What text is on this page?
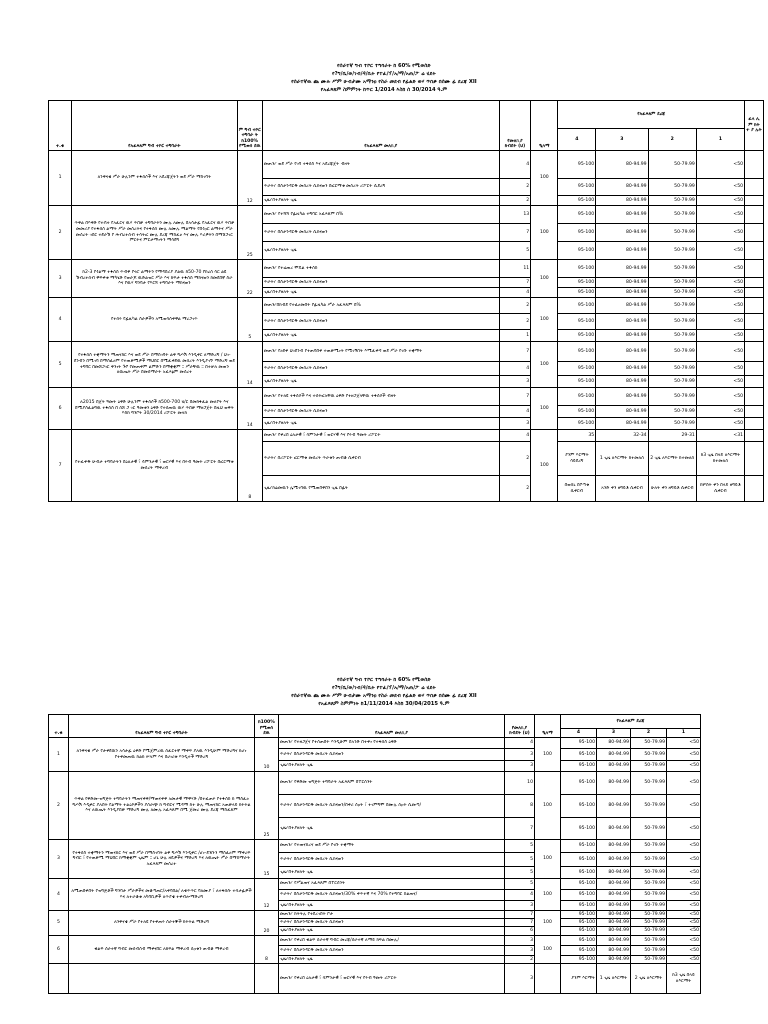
የሰራተኛ ግብ ተኮር ተግባራት ከ 60% የሚወሰድ
የ?ግ/ቤ/ወ/ገብ/ዳ/ቢት የተፈ/ፕ/አ/ማ/አጠ/ፖ ሬ ሂደት
የሰራተኛዉ ጨ ሙሉ ሥም ሁብታሙ አማንዐ የስራ መደብ የፊልድ ወሃ ጥበቃ በሰሙ ፊ ደረጃ XII
የአፈጻጸም ስምምነት ከጥር 1/2014 እስከ ሰ 30/2014 ዓ.ም
የሰራተኛ ግብ ተኮር ተግባራት ከ 60% የሚወሰድ
የ?ግ/ቤ/ወ/ገብ/ዳ/ቢት የተፈ/ፕ/አ/ማ/አጠ/ፖ ሬ ሂደት
የሰራተኛዉ ጨ ሙሉ ሥም ሁብታሙ አማንዐ የስራ መደብ የፊልድ ወሃ ጥበቃ በሰሙ ፊ ደረጃ XII
የአፈጻጸም ስምምነት ከ1/11/2014 እስከ 30/04/2015 ዓ.ም
ተ.ቁ	የአፈጻጸም ግብ ተኮር ተግባራት	ም ግብ ተኮር ተግባራ ት ከ100% የሚወሰ ደዉ	የአፈጻጸም መለኪያ	የመለኪያ ክብደት (ህ)	ዒላማ	የአፈጻጸም ደረጃ				ፈላ ሊ ም ክት ተ ያ ሉት
						4	3	2	1	
1	ለንቅናቄ ሥራ ሁሉንም ተፋሰሶች እና አደረጃጀትን ወደ ሥራ ማስገባት	12	መጠን፦ ወደ ሥራ የገባ ተፋሰስ እና አደረጃጀት ብዛት	4	100	95-100	80-94.99	50-79.99	<50	
			ጥራት፦ በስታንዳርዱ መሰረት ሲከናወን በፎርማቱ መሰረት ሪፖርት ሲደረግ	2		95-100	80-94.99	50-79.99	<50	
			ጊዜ፦በተያዘለት ጊዜ	2		95-100	80-94.99	50-79.99	<50	
2	ጥቅል በእቅድ የተያዙ የአፈርና ዉሃ ጥበቃ ተግባራትን ሙሉ ለሙሉ በአሳታፊ የአፈርና ዉሃ ጥበቃ መመሪያ የተፋሰሰ ልማት ሥራ መሰረትና የተፋሰሰ ሙሉ ለሙሉ ማልማት የበጎዐር ልማትና ሥራ መሰረት ገበር ተደራሽ የ ሕብረተሰብ ተሳትፎ ሙሉ ደረጃ ማስፈፀ እና ሙሉ እሪዎትን በማሸጋገር ምርትና ምርታማነትን ማሳደግ	25	መጠን፦ የተሻሻ የፊዚካል ተግባር አፈጻጸም በ%	13	100	95-100	80-94.99	50-79.99	<50	
			ጥራት፦ በስታንዳርዱ መሰረት ሲከናወን	7		95-100	80-94.99	50-79.99	<50	
			ጊዜ፦በተያዘለት ጊዜ	5		95-100	80-94.99	50-79.99	<50	
3	ከ2-3 የጎልማ ተፋሰስ ጥብቅ የጓሮ ልማትን የማዳበሪያ ያልዉ ከ50-70 የከረሰ ሳር ልዩ ሽብረተሰብ ዋፍቀቱ ማካሄድ የወራጆ ዉድልዝር ሥራ እና ከፍታ ተፋሰስ ማከናወን ከመደበኛ ስራ እና የዉሃ ግንባታ የእርሻ ተግባራት ማከናወን	22	መጠን፦ የተሬጠረ ሞዴል ተፋሰስ	11	100	95-100	80-94.99	50-79.99	<50	
			ጥራት፦ በስታንዳርዱ መሰረት ሲከናወን	7		95-100	80-94.99	50-79.99	<50	
			ጊዜ፦በተያዘለት ጊዜ	4		95-100	80-94.99	50-79.99	<50	
4	የተሰሩ የፊዚካል ስራዎችን አሚወሳሰቀዋል ማረጋገጥ	5	መጠን፦በክብደ የተፈፀመበት የፊዚካል ሥራ አፈጻጸም በ%	2	100	95-100	80-94.99	50-79.99	<50	
			ጥራት፦ በስታንዳርዱ መሰረት ሲከናወን	2		95-100	80-94.99	50-79.99	<50	
			ጊዜ፦በተያዘለት ጊዜ	1		95-100	80-94.99	50-79.99	<50	
5	የተፋሰስ ተቋማትን ማጠናከር እና ወደ ሥራ በማስገባት ልቅ ግጦሽ እንዲቀር ለማድረግ / ህገ-ደንብን በሚገባ በማስፈፀም የተጠቃሚዎች ማህበር በሚፈቀደዉ መሰረት እንዲያገኙ ማድረግ ወደ ተግባር በመሸጋገር ቅንነት ጉቦ የመጠቀም ልምድን በማቋቋም ። ሥራቸዉ ። በተቻለ መጠን ለዉጤት ሥራ በመሰማራት አፈጻፅም መሰረተ	14	መጠን፦ የፀደቀ ህገደንብ የተጠባበቀ ተጠቃሚነት የሚገኝበት እሚፈቀዳ ወደ ሥራ የገቡ ተቋማት	7	100	95-100	80-94.99	50-79.99	<50	
			ጥራት፦ በስታንዳርዱ መሰረት ሲከናወን	4		95-100	80-94.99	50-79.99	<50	
			ጊዜ፦በተያዘለት ጊዜ	3		95-100	80-94.99	50-79.99	<50	
6	ለ2015 በጀት ዓመት ዕቅድ ሁሉንም ተፋሰሶች ከ500-700 ሄ/ር በመከፋፈል መለየት እና በሚያስፈልግዉ ተፋሰስ በ ሰሸ ጋ ገር ዓመቱን ዕቅድ የተሰጠዉ ዉሃ ጥበቃ ማዘጋጀት በዚህ ወቅት እስከ ግንቦት 30/2014 ሪፖርት መላክ	14	መጠን፦ የተለዩ ተፋሰሶች እና ተሰትፎአቸዉ ዕቅድ የተዘጋጀላቸዉ ተፋሰሶች ብዛት	7	100	95-100	80-94.99	50-79.99	<50	
			ጥራት፦ በስታንዳርዱ መሰረት ሲከናወን	4		95-100	80-94.99	50-79.99	<50	
			ጊዜ፦በተያዘለት ጊዜ	3		95-100	80-94.99	50-79.99	<50	
7	የተፈቀዱ ሁብታ ተግባራትን በዕለታዊ ፣ ሳምንታዊ ፣ ወርሃዊ እና በሩብ ዓመት ሪፖርት በፎርማቱ መሰረት ማቅረብ	8	መጠን፦ የቀረበ ዕለታዊ ፣ ሳምንታዊ ፣ ወርሃዊ እና የሩብ ዓመት ሪፖርት	4	100	35	32-34	29-31	<31	
			ጥራት፦ በሪፖርት ፎርማቱ መሰረት ጥራቱን ጠብቆ ሲቀርብ	2		ያንም እርማት ሳይደረግ	1 ጊዜ ለእርማት ከተመለሰ	2 ጊዜ ለእርማት ከተመለሰ	ከ3 ጊዜ በላይ ለእርማት ከተመለሰ	
			ጊዜ፦ከሬመዉን ሌሚገባዉ የሚጠበቅበን ጊዜ በፊት	2		በወሰኑ በቦጣቱ ሲቀርብ	አንድ ቀን ዘግይቶ ሲቀርብ	ሁለት ቀን ዘግይቶ ሲቀርብ	ከሦስት ቀን በላይ ዘግይቶ ሲቀርብ	
ተ.ቁ	የአፈጻጸም ግብ ተኮር ተግባራት	ከ100% የሚወሰ ደዉ	የአፈጻጸም መለኪያ	የመለኪያ ክብደት (ህ)	ዒላማ	የአፈጻጸም ደረጃ			
						4	3	2	1
1	ለንቅናቄ ሥራ የታቀደዉን አሳታፊ ዕቅድ የሚጀምረዉ ሰፈርተኛ ማቀፍ ያለዉ እንዲሁም ማድረግና ክሆነ የተቀመጠዉ ከልክ ሠላም እና በሀገሪቱ እንዲተች ማድረግ	10	መጠን፦ የተዘጋጀና የተሰጠበት እንዲሁም በአንድ በተቀነ የተፋሰስ ዕቅድ	4	100	95-100	80-94.99	50-79.99	<50
			ጥራት፦ በስታንዳርዱ መሰረት ሲከናወን	3		95-100	80-94.99	50-79.99	<50
			ጊዜ፦በተያዘለት ጊዜ	3		95-100	80-94.99	50-79.99	<50
2	ጥቅል የቅድመ-ዝግጅት ተግባራትን ማጠናቀቅ/ማጠናቀቅ አመታዊ ማዋሃድ /በተፈጠሩ የተፋሰስ ክ ማስፈፀ ግጦሽ እዲቀር ያለበት የልማት ተልዕኮዎችን ያሰራጭ ከ ግብርና ሚዳማ ከተ ሁሉ ማጠናከር አጠቃላይ ክትትል እና ለዉጤት እንዲያበቃ ማድረግ ሙሉ ለሙሉ አፈጻጸም በሚ ጀመረ ሙሉ ደረጃ ማስፈጸም	25	መጠን፦ የቅድመ ዝግጅት ተግባራት አፈጻጸም በፐርሰንት	10	100	95-100	80-94.99	50-79.99	<50
			ጥራት፦ በስታንዳርዱ መሰረት ሲከናወን/በቀሪ ሰዐት ፣ ተገምግሞ በሙሉ ሰዐት ሲመጣ/	8		95-100	80-94.99	50-79.99	<50
			ጊዜ፦በተያዘለት ጊዜ	7		95-100	80-94.99	50-79.99	<50
3	የተፋሰስ ተቋማትን ማጠናከር እና ወደ ሥራ በማስገባት ልቅ ግጦሽ እንዲቀር /ሆነ-ደንቡን ማስፈፀም ማቀረፍ ግብር ፣ የተጠቃሚ ማህበር ከማቋቋም ጊዜም ። ሆኑ ሁሉ ዘዴዎችና ማድረግ እና ለዉጤት ሥራ በማስማራት አፈጻጸም መሰረተ	15	መጠን፦ የተጠናከረና ወደ ሥራ የገቡ ተቋማት	5	100	95-100	80-94.99	50-79.99	<50
			ጥራት፦ በስታንዳርዱ መሰረት ሲከናወን	5		95-100	80-94.99	50-79.99	<50
			ጊዜ፦በተያዘለት ጊዜ	5		95-100	80-94.99	50-79.99	<50
4	ለሚጠበቀበት የዝግጅቶች ግንባታ ሥራዎችና መቆጣጠር/አቀባበል/ ለቁጥጥር ባለሙያ ፣ ለተፋሰሱ ተሳታፊዎች እና ለተራቆቱ አካባቢዎች ለጥያቄ ተቀብሎማድረግ	12	መጠን፦ የሥልጠና አፈጻጸም በፐርሰንት	5	100	95-100	80-94.99	50-79.99	<50
			ጥራት፦ በስታንዳርዱ መሰረት ሲከናወን/30% ቀጥተኛ እና 70% የተግባር ስልጠና/	4		95-100	80-94.99	50-79.99	<50
			ጊዜ፦በተያዘለት ጊዜ	3		95-100	80-94.99	50-79.99	<50
5	ለንቅናቄ ሥራ የተለዩ የተቀጠሩ ሰራተኞች ክትትል ማድረግ	20	መጠን፦ ክትትሉ የተደረገበት ቦታ	7	100	95-100	80-94.99	50-79.99	<50
			ጥራት፦ በስታንዳርዱ መሰረት ሲከናወን	7		95-100	80-94.99	50-79.99	<50
			ጊዜ፦በተያዘለት ጊዜ	6		95-100	80-94.99	50-79.99	<50
6	ቁልፍ ሰራተኛ ግብር መሰብሰብ ማቀናበር ለክፍል ማቅረብ ሰዐቱን ጠብቆ ማቅረብ	8	መጠን፦ የቀረበ ቁልፍ ሰራተኛ ግብር መረጃ/ሰራተኛ ለማይ ክፍል በሙሉ/	3	100	95-100	80-94.99	50-79.99	<50
			ጥራት፦ በስታንዳርዱ መሰረት ሲከናወን	3		95-100	80-94.99	50-79.99	<50
			ጊዜ፦በተያዘለት ጊዜ	2		95-100	80-94.99	50-79.99	<50
			መጠን፦ የቀረበ ዕለታዊ ፣ ሳምንታዊ ፣ ወርሃዊ እና የሩብ ዓመት ሪፖርት	3		ያንም እርማት	1 ጊዜ ለእርማት	2 ጊዜ ለእርማት	ከ3 ጊዜ በላይ ለእርማት
